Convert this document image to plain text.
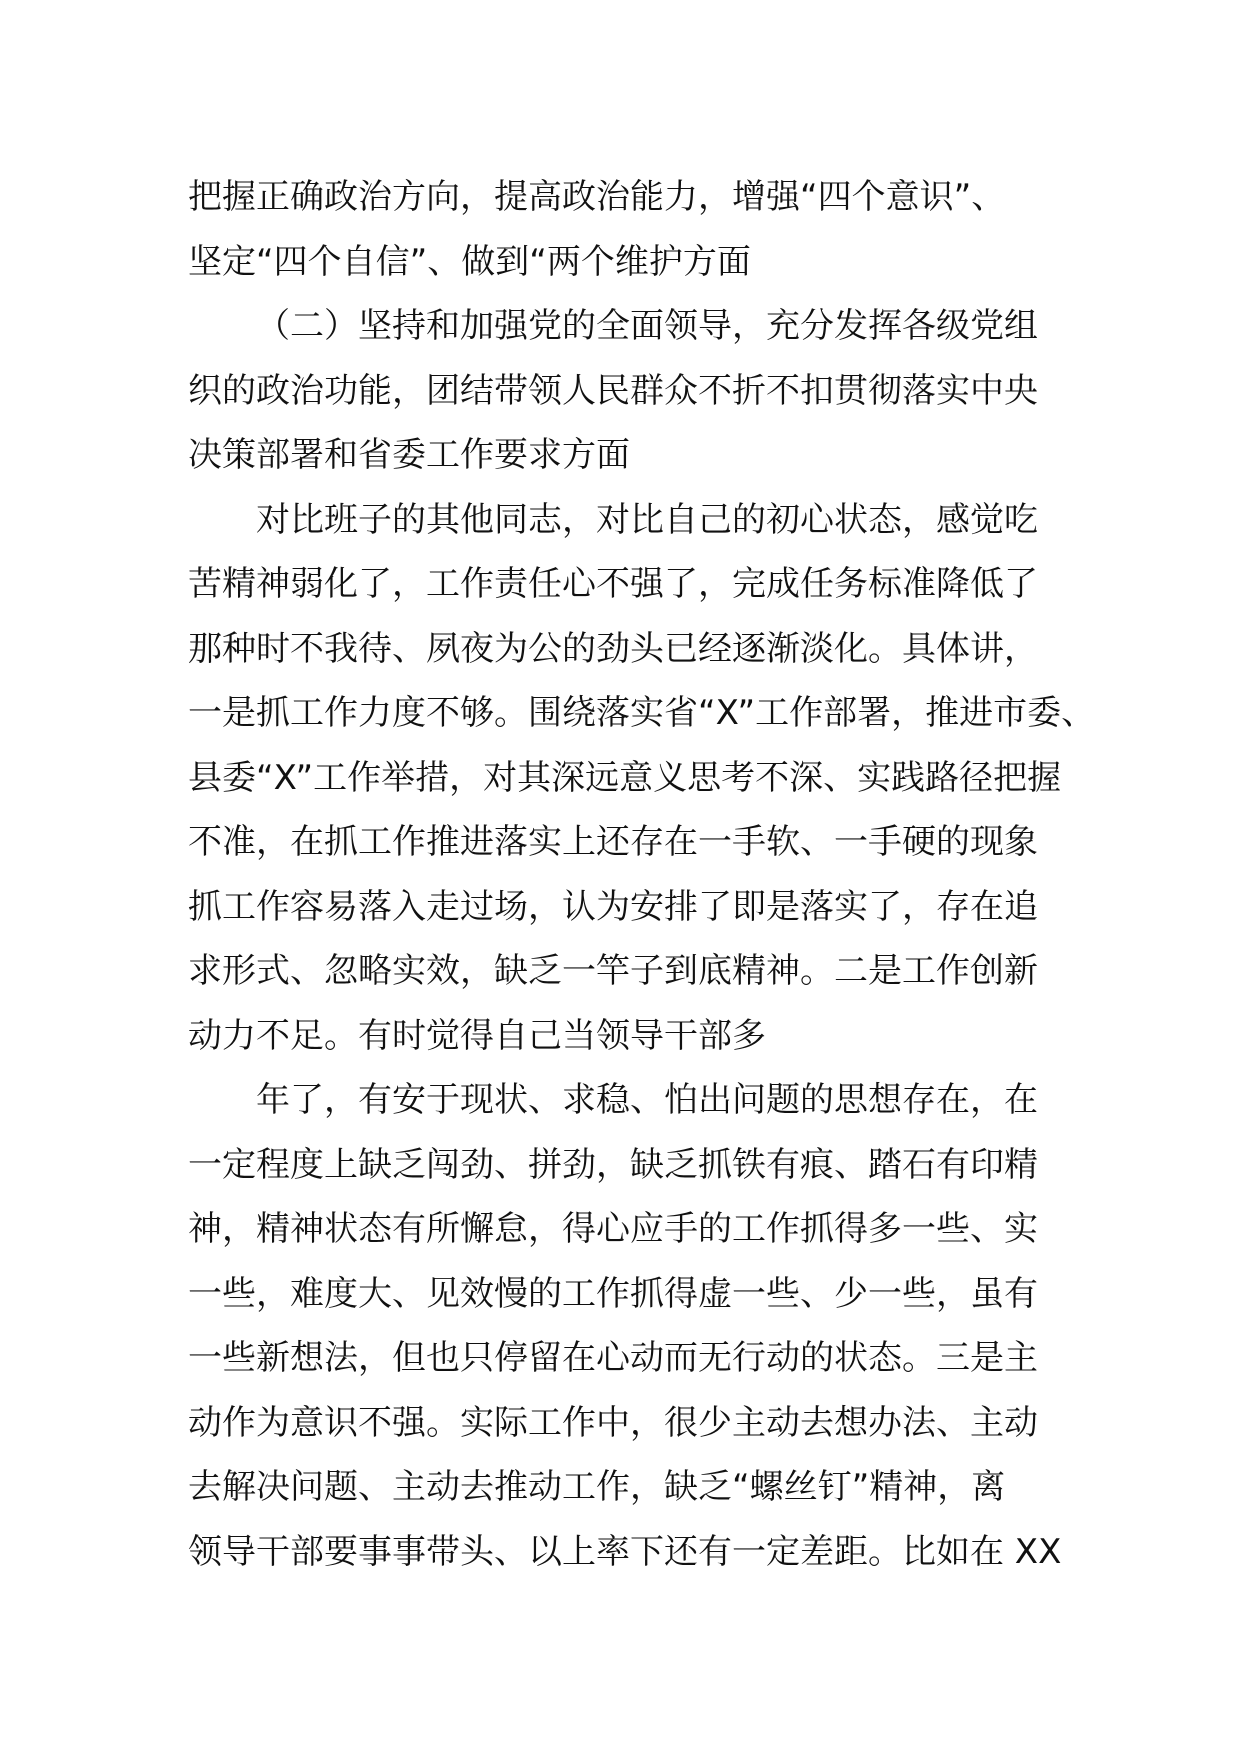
把握正确政治方向，提高政治能力，增强“四个意识”、
坚定“四个自信”、做到“两个维护方面
（二）坚持和加强党的全面领导，充分发挥各级党组
织的政治功能，团结带领人民群众不折不扣贯彻落实中央
决策部署和省委工作要求方面
对比班子的其他同志，对比自己的初心状态，感觉吃
苦精神弱化了，工作责任心不强了，完成任务标准降低了
那种时不我待、夙夜为公的劲头已经逐渐淡化。具体讲，
一是抓工作力度不够。围绕落实省“X”工作部署，推进市委、
县委“X”工作举措，对其深远意义思考不深、实践路径把握
不准，在抓工作推进落实上还存在一手软、一手硬的现象
抓工作容易落入走过场，认为安排了即是落实了，存在追
求形式、忽略实效，缺乏一竿子到底精神。二是工作创新
动力不足。有时觉得自己当领导干部多
年了，有安于现状、求稳、怕出问题的思想存在，在
一定程度上缺乏闯劲、拼劲，缺乏抓铁有痕、踏石有印精
神，精神状态有所懈怠，得心应手的工作抓得多一些、实
一些，难度大、见效慢的工作抓得虚一些、少一些，虽有
一些新想法，但也只停留在心动而无行动的状态。三是主
动作为意识不强。实际工作中，很少主动去想办法、主动
去解决问题、主动去推动工作，缺乏“螺丝钉”精神，离
领导干部要事事带头、以上率下还有一定差距。比如在 XX
